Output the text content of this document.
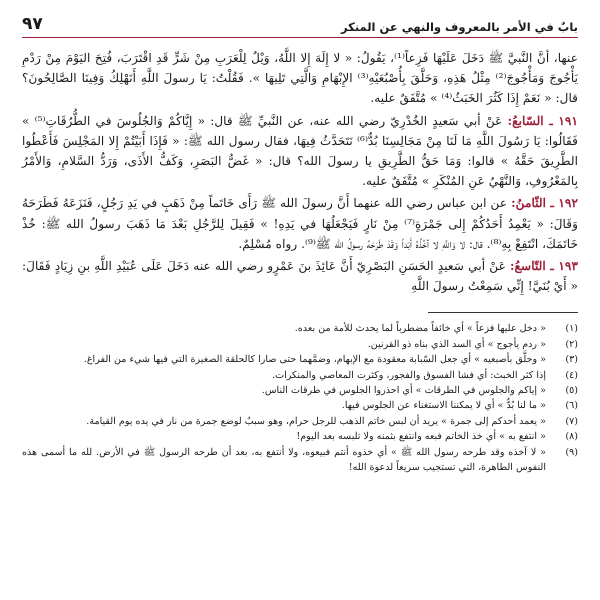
بابٌ في الأمر بالمعروف والنهي عن المنكر
٩٧

عنها، أنَّ النَّبيَّ ﷺ دَخَلَ عَلَيْهَا فَزِعاً⁽¹⁾، يَقُولُ: « لا إِلَهَ إِلا اللَّهُ، وَيْلٌ لِلْعَرَبِ مِنْ شَرٍّ قَدِ اقْتَرَبَ، فُتِحَ اليَوْمَ مِنْ رَدْمِ يَأْجُوجَ وَمَأْجُوجَ⁽²⁾ مِثْلُ هَذِهِ، وَحَلَّقَ بِأُصْبُعَيْهِ⁽³⁾ الإِبْهَامِ وَالَّتِي تَلِيهَا ». فَقُلْتُ: يَا رسولَ اللَّهِ أَنَهْلِكُ وَفِينَا الصَّالِحُونَ؟ قال: « نَعَمْ إِذَا كَثُرَ الخَبَثُ⁽⁴⁾ » مُتَّفَقٌ عليه.

١٩١ ـ السّابعُ: عَنْ أبي سَعيدٍ الخُدْرِيّ رضي الله عنه، عن النَّبيِّ ﷺ قال: « إِيَّاكُمْ وَالجُلُوسَ في الطُّرُقَاتِ⁽⁵⁾ » فَقَالُوا: يَا رَسُولَ اللَّهِ مَا لَنَا مِنْ مَجَالِسِنَا بُدٌّ⁽⁶⁾ نَتَحَدَّثُ فِيهَا، فقال رسول الله ﷺ: « فَإِذَا أَبَيْتُمْ إِلا المَجْلِسَ فَأَعْطُوا الطَّرِيقَ حَقَّهُ » قالوا: وَمَا حَقُّ الطَّرِيقِ يا رسولَ الله؟ قال: « غَضُّ البَصَرِ، وَكَفُّ الأَذَى، وَرَدُّ السَّلامِ، وَالأَمْرُ بِالمَعْرُوفِ، وَالنَّهْيُ عَنِ المُنْكَرِ » مُتَّفَقٌ عليه.

١٩٢ ـ الثّامنُ: عن ابن عباس رضي الله عنهما أَنَّ رسولَ الله ﷺ رَأَى خَاتَماً مِنْ ذَهَبٍ في يَدِ رَجُلٍ، فَنَزَعَهُ فَطَرَحَهُ وَقَالَ: « يَعْمِدُ أَحَدُكُمْ إِلى جَمْرَةٍ⁽⁷⁾ مِنْ نَارٍ فَيَجْعَلُهَا في يَدِهِ! » فَقِيلَ لِلرَّجُلِ بَعْدَ مَا ذَهَبَ رسولُ الله ﷺ: خُذْ خَاتَمَكَ، انْتَفِعْ بِهِ⁽⁸⁾. قال: لا وَاللَّهِ لا آخُذُهُ أَبَداً وَقَدْ طَرَحَهُ رسولُ الله ﷺ⁽⁹⁾. رواه مُسْلِمٌ.

١٩٣ ـ التّاسعُ: عَنْ أبي سَعيدٍ الحَسَنِ البَصْرِيّ أَنَّ عَائِذَ بنَ عَمْرٍو رضي الله عنه دَخَلَ عَلَى عُبَيْدِ اللَّهِ بنِ زِيَادٍ فَقَالَ: « أَيْ بُنَيَّ! إِنِّي سَمِعْتُ رسولَ اللَّهِ

(١)
« دخل عليها فزعاً » أي خائفاً مضطرباً لما يحدث للأمة من بعده.
(٢)
« ردم يأجوج » أي السد الذي بناه ذو القرنين.
(٣)
« وحلَّق بأصبعيه » أي جعل السّبابة معقودة مع الإبهام، وضمَّهما حتى صارا كالحلقة الصغيرة التي فيها شيء من الفراغ.
(٤)
إذا كثر الخبث: أي فشا الفسوق والفجور، وكثرت المعاصي والمنكرات.
(٥)
« إياكم والجلوس في الطرقات » أي احذروا الجلوس في طرقات الناس.
(٦)
« ما لنا بُدٌّ » أي لا يمكننا الاستغناء عن الجلوس فيها.
(٧)
« يعمد أحدكم إلى جمرة » يريد أن لبس خاتم الذهب للرجل حرام، وهو سببٌ لوضع جمرة من نار في يده يوم القيامة.
(٨)
« انتفع به » أي خذ الخاتم فبعه وانتفع بثمنه ولا تلبسه بعد اليوم!
(٩)
« لا آخذه وقد طرحه رسول الله ﷺ » أي خذوه أنتم فبيعوه، ولا أنتفع به، بعد أن طرحه الرسول ﷺ في الأرض. لله ما أسمى هذه النفوس الطاهرة، التي تستجيب سريعاً لدعوة الله!
